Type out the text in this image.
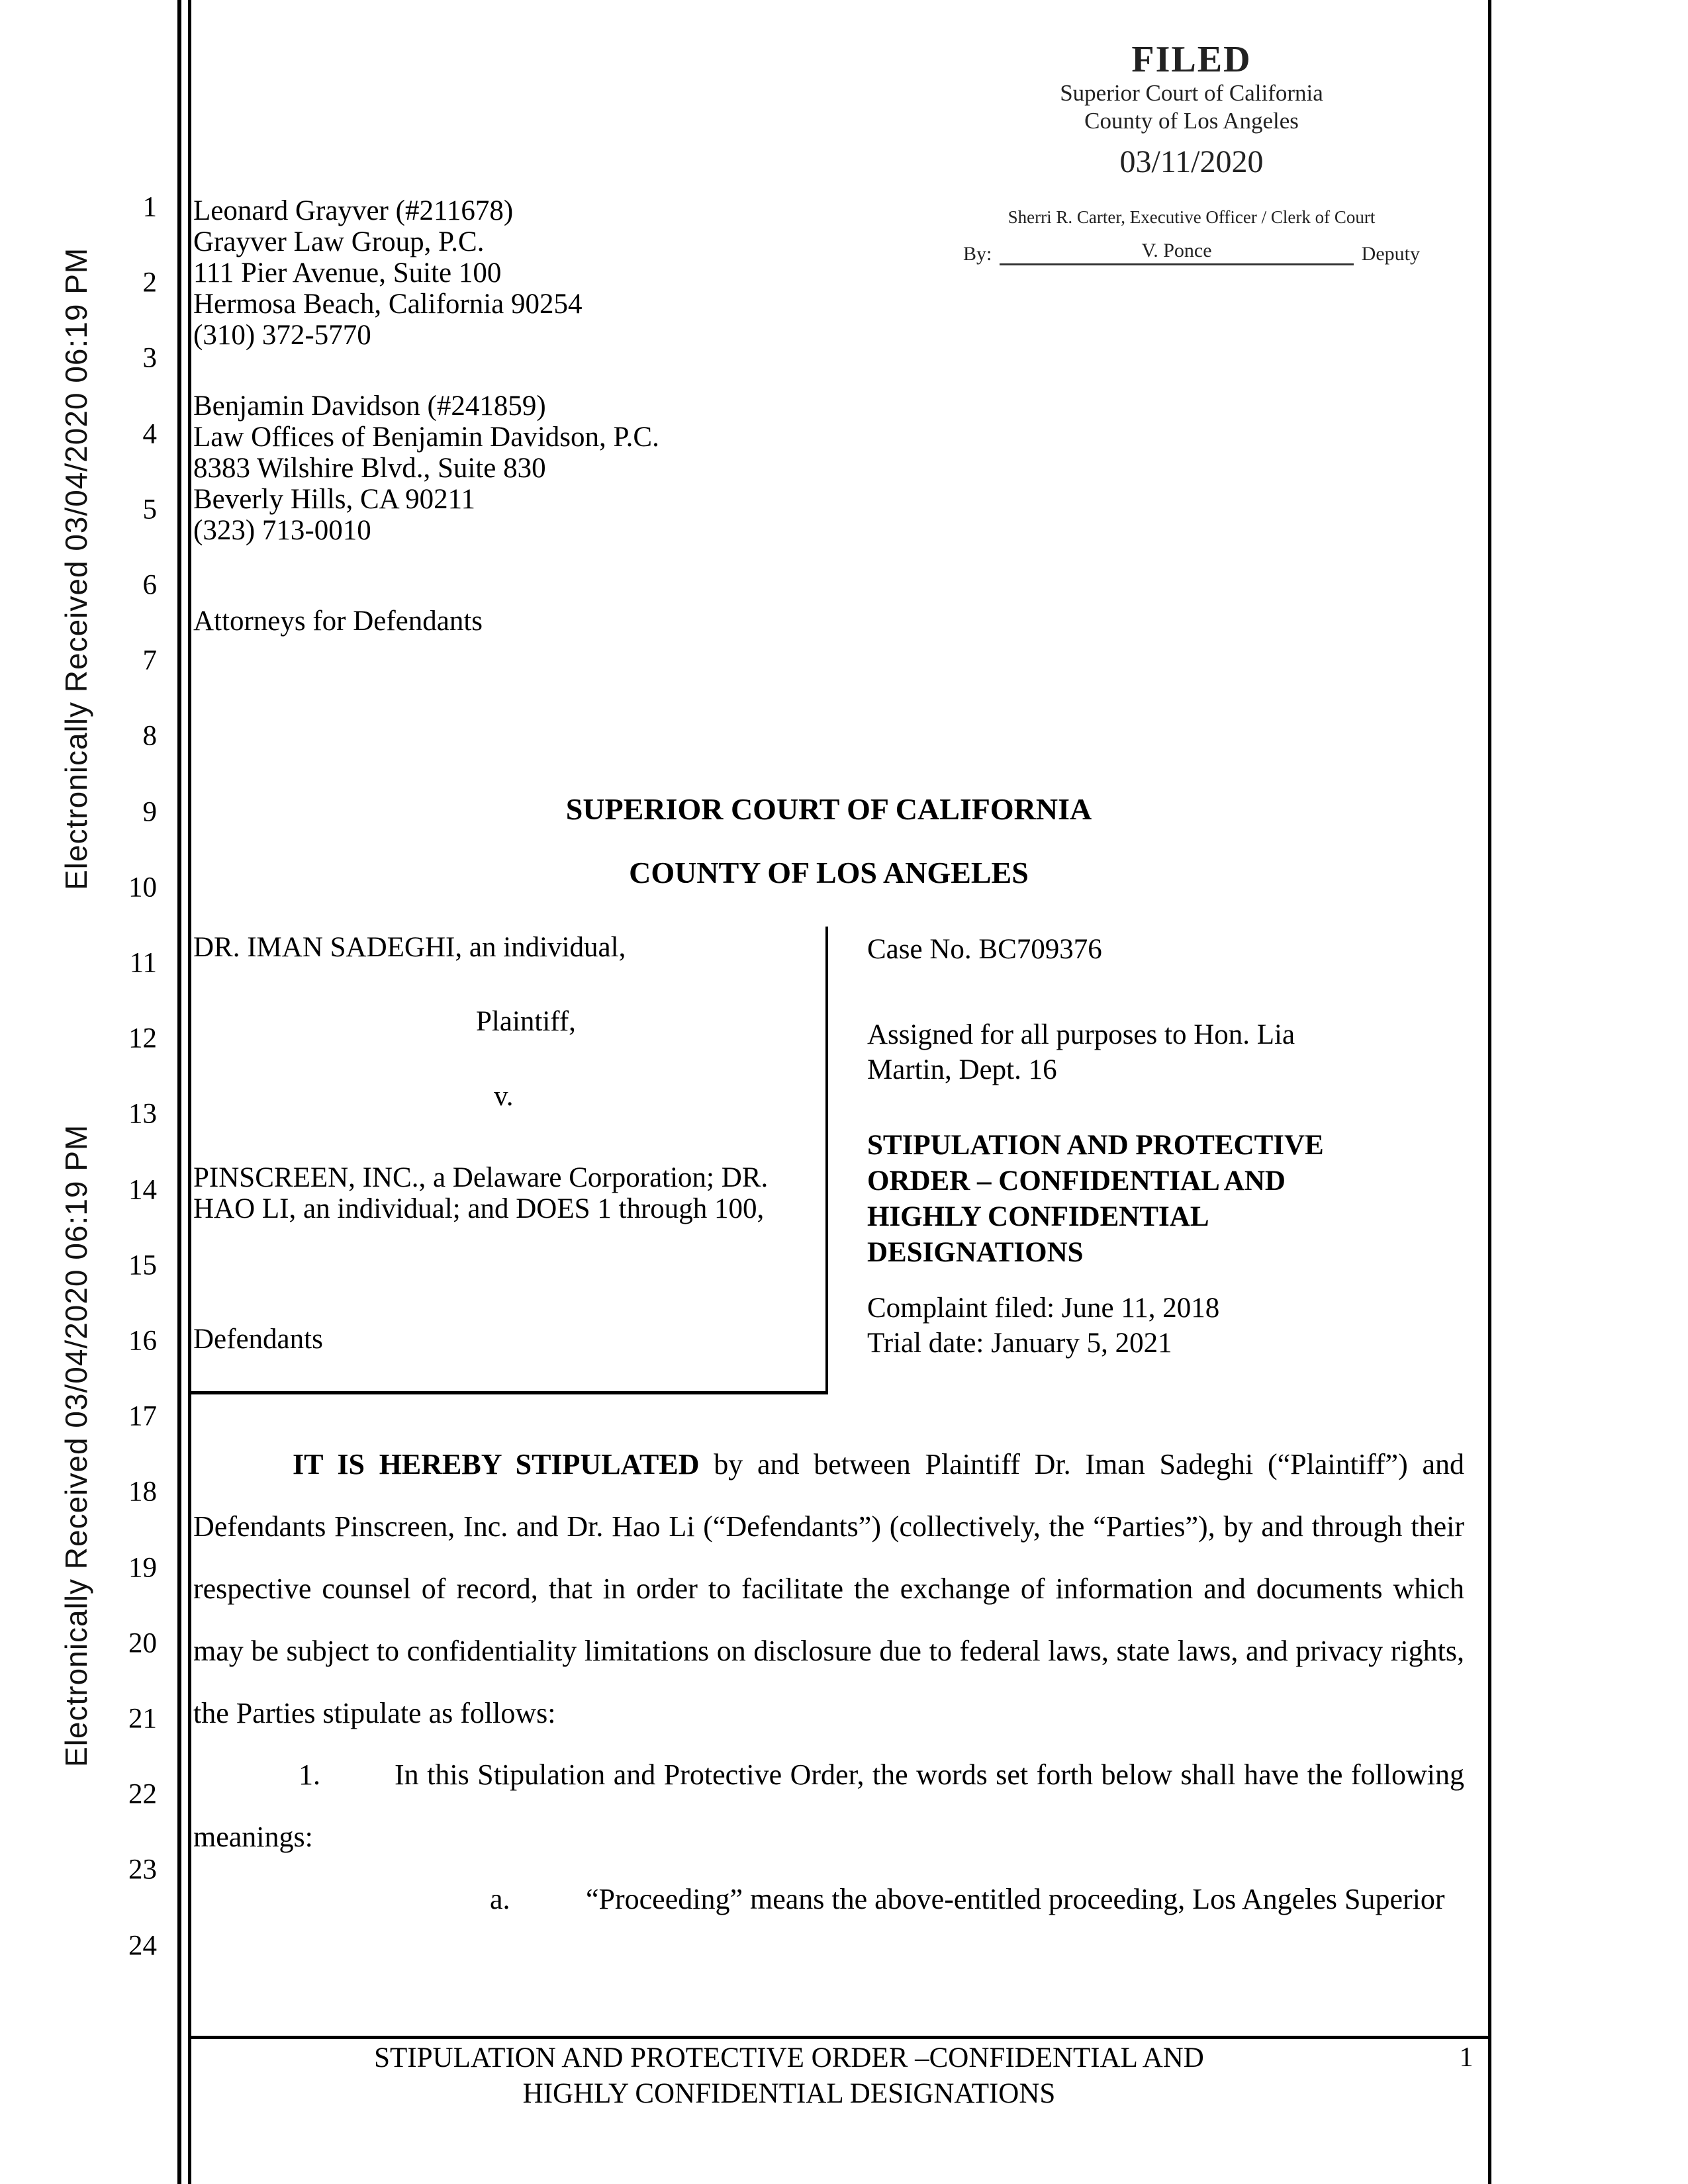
Electronically Received 03/04/2020 06:19 PM
Electronically Received 03/04/2020 06:19 PM
1
2
3
4
5
6
7
8
9
10
11
12
13
14
15
16
17
18
19
20
21
22
23
24
FILED
Superior Court of California
County of Los Angeles
03/11/2020
Sherri R. Carter, Executive Officer / Clerk of Court
By:	V. Ponce	Deputy
Leonard Grayver (#211678)
Grayver Law Group, P.C.
111 Pier Avenue, Suite 100
Hermosa Beach, California 90254
(310) 372-5770
Benjamin Davidson (#241859)
Law Offices of Benjamin Davidson, P.C.
8383 Wilshire Blvd., Suite 830
Beverly Hills, CA 90211
(323) 713-0010
Attorneys for Defendants
SUPERIOR COURT OF CALIFORNIA
COUNTY OF LOS ANGELES
DR. IMAN SADEGHI, an individual,
Plaintiff,
v.
PINSCREEN, INC., a Delaware Corporation; DR. HAO LI, an individual; and DOES 1 through 100,
Defendants
Case No. BC709376
Assigned for all purposes to Hon. Lia Martin, Dept. 16
STIPULATION AND PROTECTIVE ORDER – CONFIDENTIAL AND HIGHLY CONFIDENTIAL DESIGNATIONS
Complaint filed: June 11, 2018
Trial date: January 5, 2021
IT IS HEREBY STIPULATED by and between Plaintiff Dr. Iman Sadeghi (“Plaintiff”) and Defendants Pinscreen, Inc. and Dr. Hao Li (“Defendants”) (collectively, the “Parties”), by and through their respective counsel of record, that in order to facilitate the exchange of information and documents which may be subject to confidentiality limitations on disclosure due to federal laws, state laws, and privacy rights, the Parties stipulate as follows:
1.	In this Stipulation and Protective Order, the words set forth below shall have the following meanings:
a.	“Proceeding” means the above-entitled proceeding, Los Angeles Superior
STIPULATION AND PROTECTIVE ORDER –CONFIDENTIAL AND
HIGHLY CONFIDENTIAL DESIGNATIONS
1
